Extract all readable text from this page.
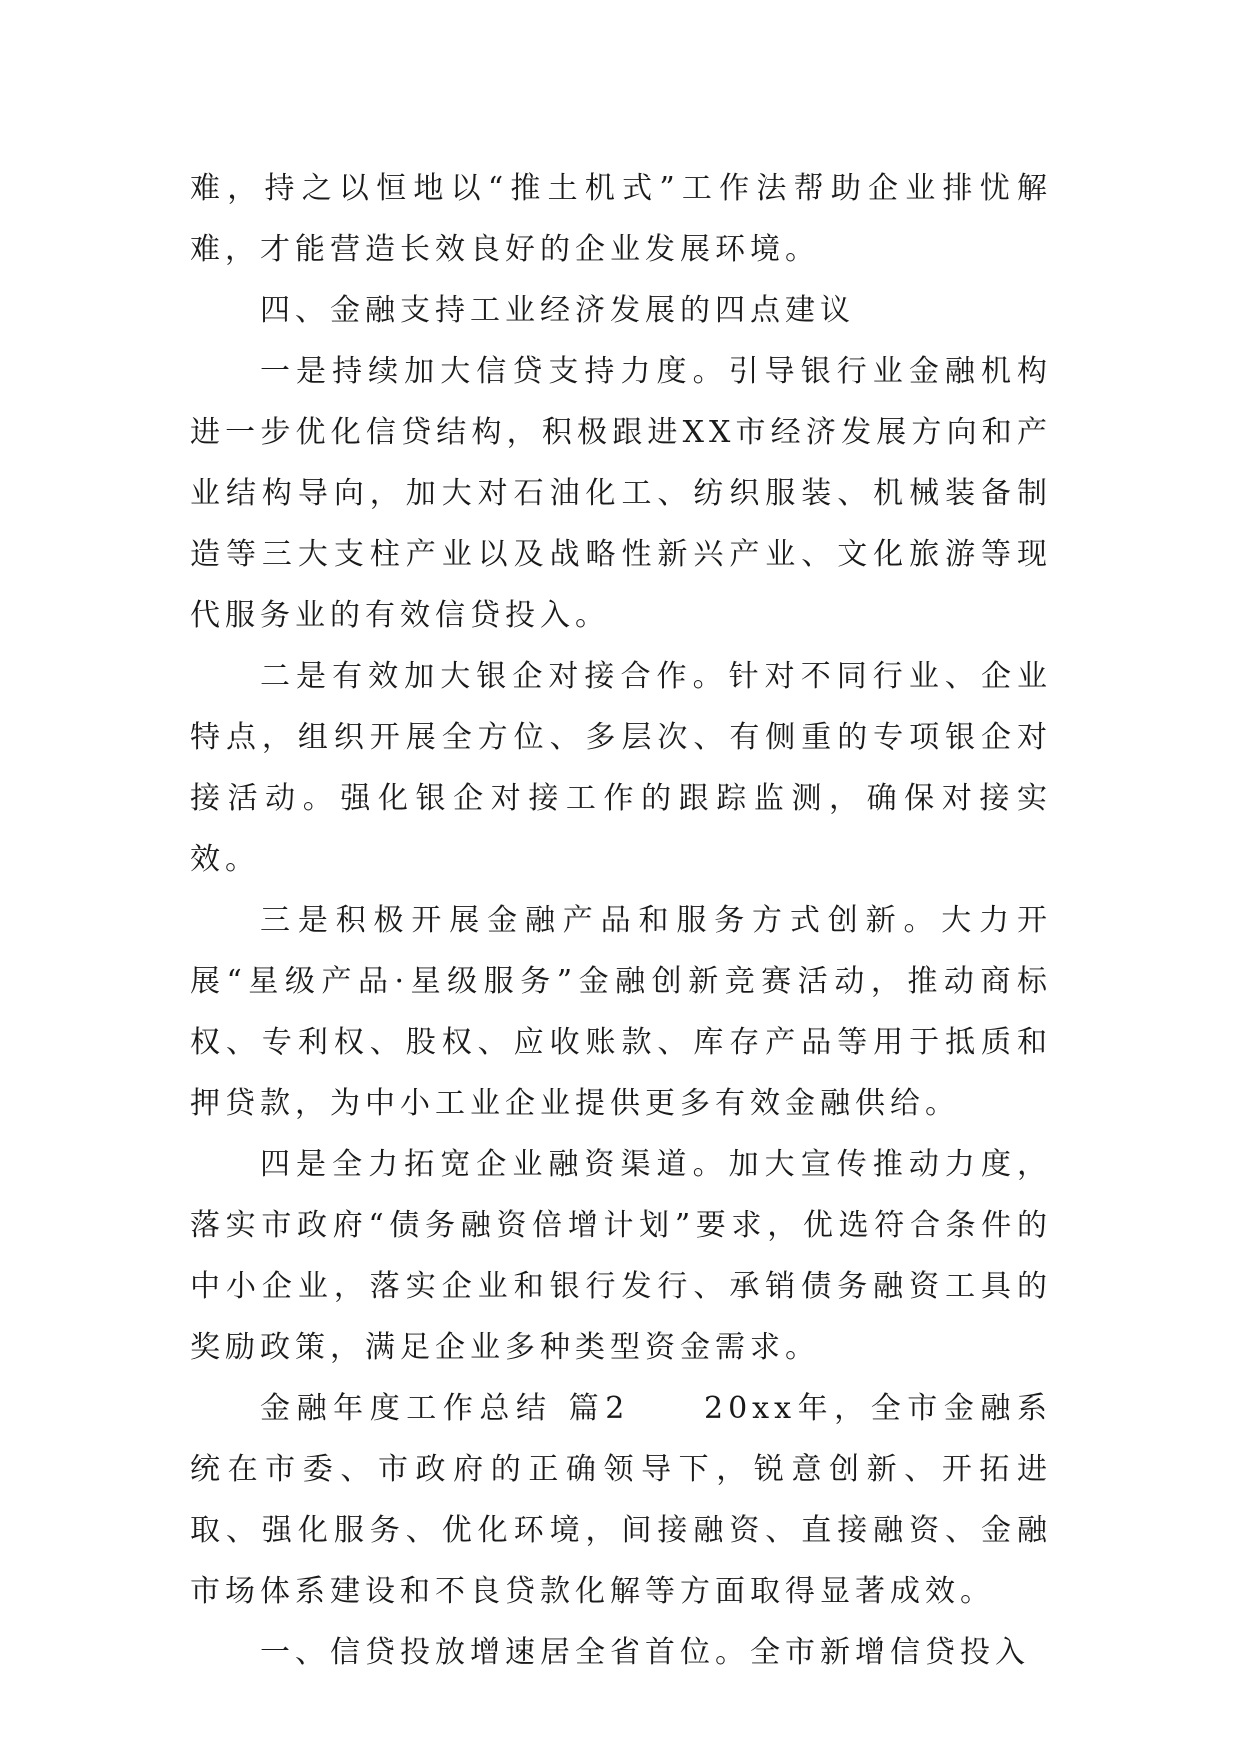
难，持之以恒地以“推土机式”工作法帮助企业排忧解难，才能营造长效良好的企业发展环境。

四、金融支持工业经济发展的四点建议

一是持续加大信贷支持力度。引导银行业金融机构进一步优化信贷结构，积极跟进XX市经济发展方向和产业结构导向，加大对石油化工、纺织服装、机械装备制造等三大支柱产业以及战略性新兴产业、文化旅游等现代服务业的有效信贷投入。

二是有效加大银企对接合作。针对不同行业、企业特点，组织开展全方位、多层次、有侧重的专项银企对接活动。强化银企对接工作的跟踪监测，确保对接实效。

三是积极开展金融产品和服务方式创新。大力开展“星级产品·星级服务”金融创新竞赛活动，推动商标权、专利权、股权、应收账款、库存产品等用于抵质和押贷款，为中小工业企业提供更多有效金融供给。

四是全力拓宽企业融资渠道。加大宣传推动力度，落实市政府“债务融资倍增计划”要求，优选符合条件的中小企业，落实企业和银行发行、承销债务融资工具的奖励政策，满足企业多种类型资金需求。

金融年度工作总结 篇2　　20xx年，全市金融系统在市委、市政府的正确领导下，锐意创新、开拓进取、强化服务、优化环境，间接融资、直接融资、金融市场体系建设和不良贷款化解等方面取得显著成效。

一、信贷投放增速居全省首位。全市新增信贷投入
